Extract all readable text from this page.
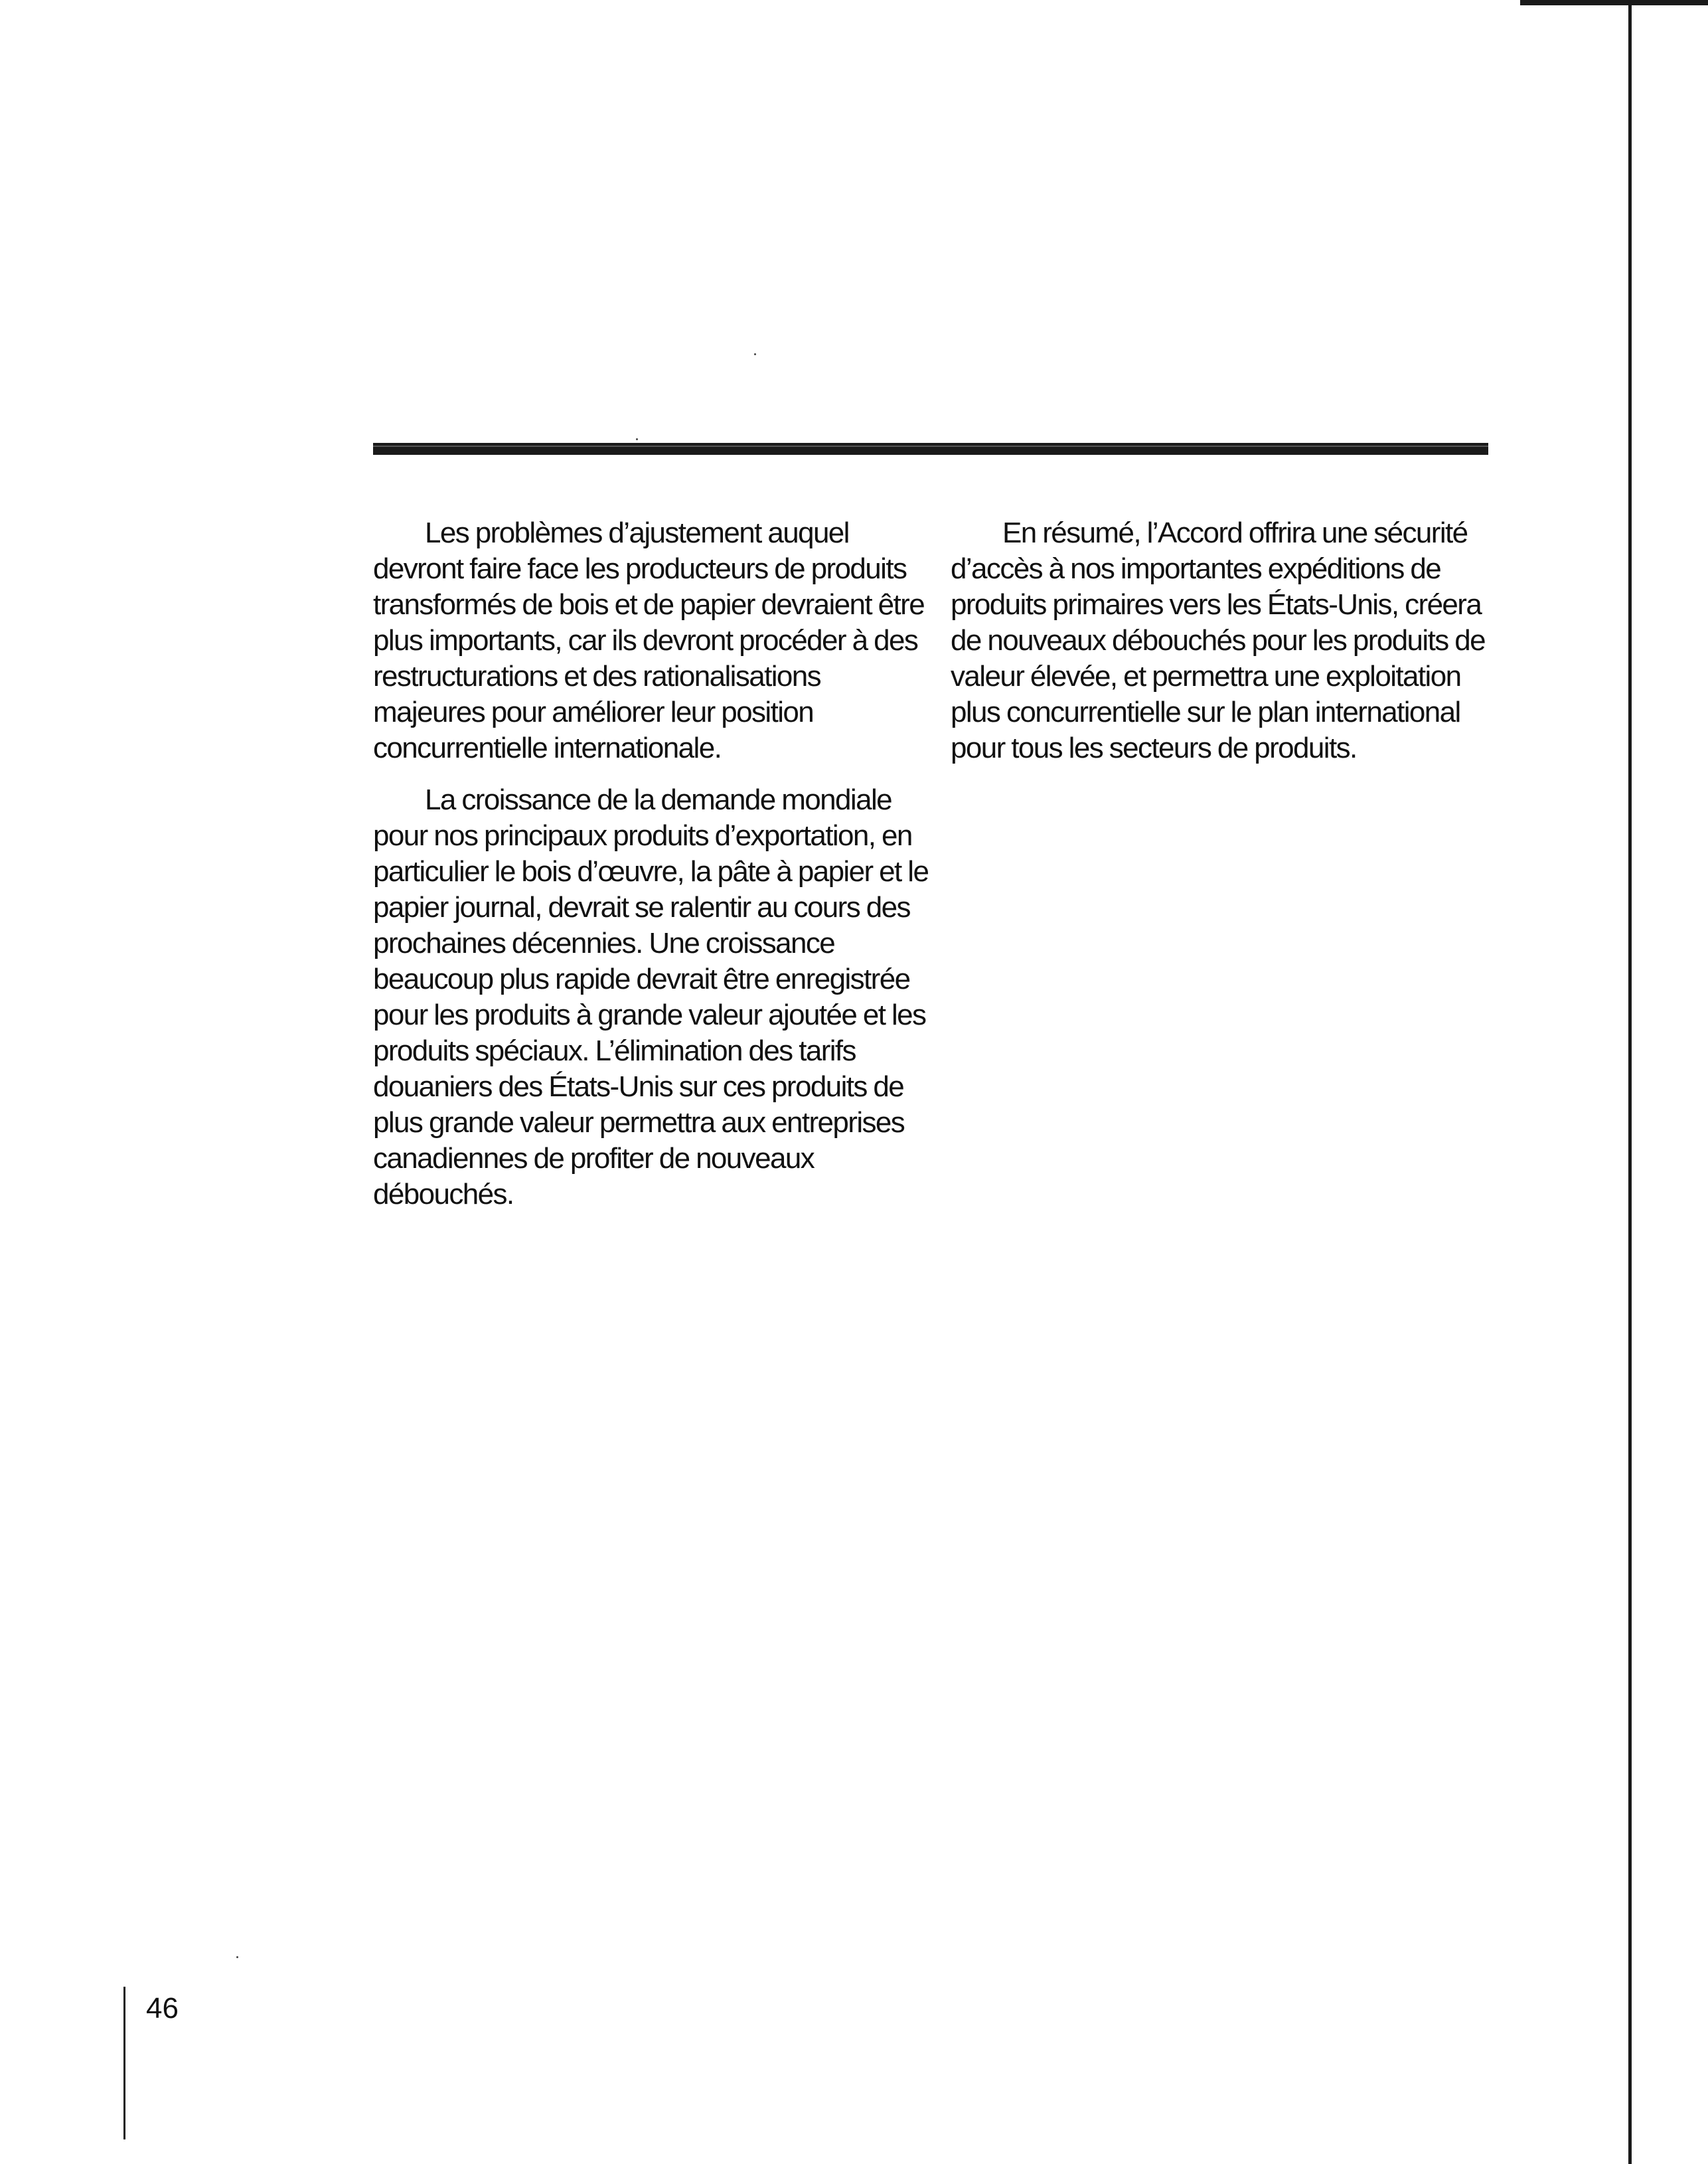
Les problèmes d’ajustement auquel devront faire face les producteurs de produits transformés de bois et de papier devraient être plus importants, car ils devront procéder à des restructurations et des rationalisations majeures pour améliorer leur position concurrentielle internationale.

La croissance de la demande mondiale pour nos principaux produits d’exportation, en particulier le bois d’œuvre, la pâte à papier et le papier journal, devrait se ralentir au cours des prochaines décennies. Une croissance beaucoup plus rapide devrait être enregistrée pour les produits à grande valeur ajoutée et les produits spéciaux. L’élimination des tarifs douaniers des États-Unis sur ces produits de plus grande valeur permettra aux entreprises canadiennes de profiter de nouveaux débouchés.

En résumé, l’Accord offrira une sécurité d’accès à nos importantes expéditions de produits primaires vers les États-Unis, créera de nouveaux débouchés pour les produits de valeur élevée, et permettra une exploitation plus concurrentielle sur le plan international pour tous les secteurs de produits.

46
